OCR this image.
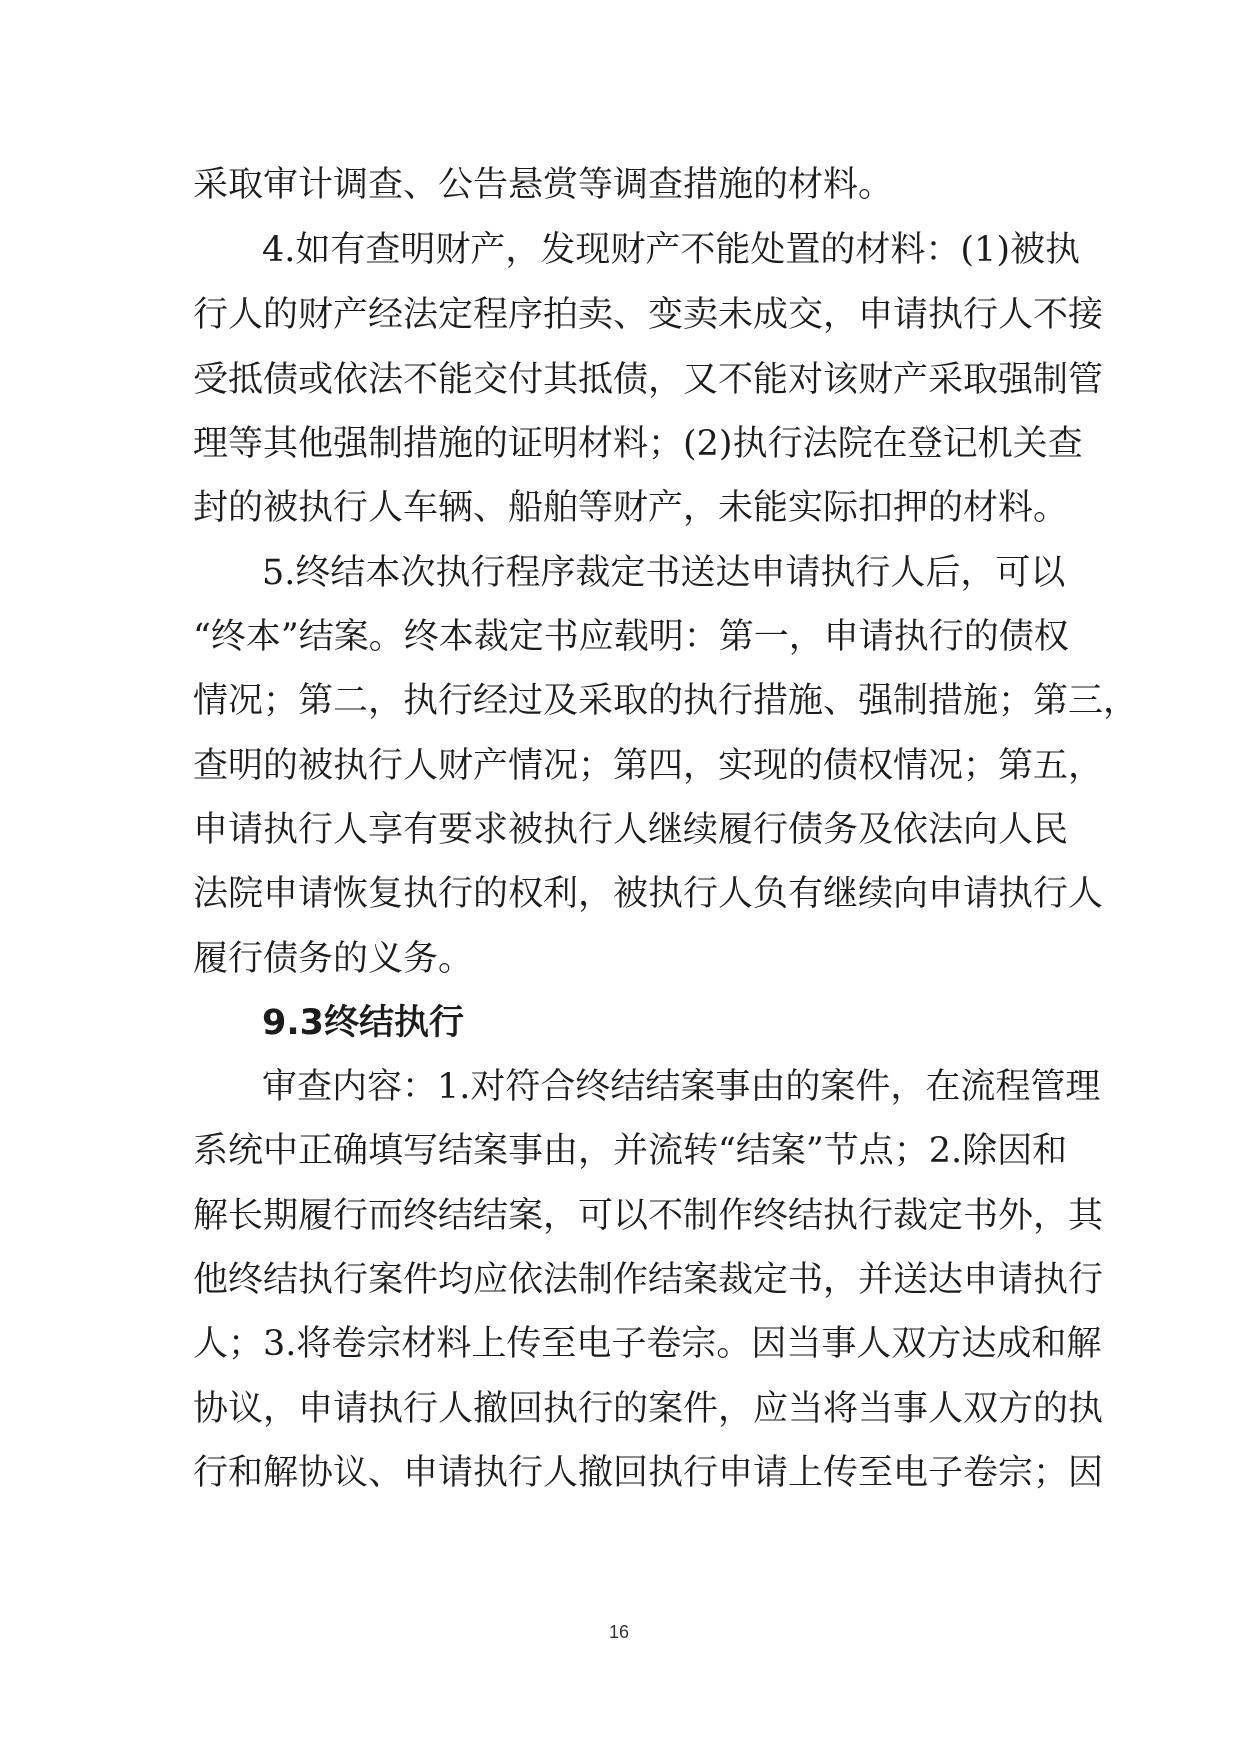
采取审计调查、公告悬赏等调查措施的材料。
4.如有查明财产，发现财产不能处置的材料：(1)被执
行人的财产经法定程序拍卖、变卖未成交，申请执行人不接
受抵债或依法不能交付其抵债，又不能对该财产采取强制管
理等其他强制措施的证明材料；(2)执行法院在登记机关查
封的被执行人车辆、船舶等财产，未能实际扣押的材料。
5.终结本次执行程序裁定书送达申请执行人后，可以
“终本”结案。终本裁定书应载明：第一，申请执行的债权
情况；第二，执行经过及采取的执行措施、强制措施；第三，
查明的被执行人财产情况；第四，实现的债权情况；第五，
申请执行人享有要求被执行人继续履行债务及依法向人民
法院申请恢复执行的权利，被执行人负有继续向申请执行人
履行债务的义务。
9.3终结执行
审查内容：1.对符合终结结案事由的案件，在流程管理
系统中正确填写结案事由，并流转“结案”节点；2.除因和
解长期履行而终结结案，可以不制作终结执行裁定书外，其
他终结执行案件均应依法制作结案裁定书，并送达申请执行
人；3.将卷宗材料上传至电子卷宗。因当事人双方达成和解
协议，申请执行人撤回执行的案件，应当将当事人双方的执
行和解协议、申请执行人撤回执行申请上传至电子卷宗；因
16
